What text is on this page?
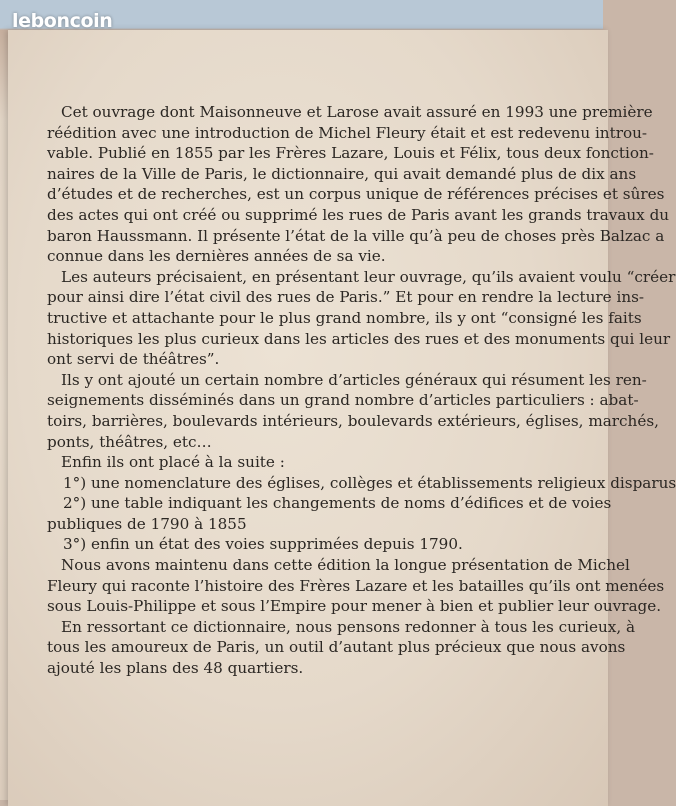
leboncoin
Cet ouvrage dont Maisonneuve et Larose avait assuré en 1993 une première
réédition avec une introduction de Michel Fleury était et est redevenu introu-
vable. Publié en 1855 par les Frères Lazare, Louis et Félix, tous deux fonction-
naires de la Ville de Paris, le dictionnaire, qui avait demandé plus de dix ans
d’études et de recherches, est un corpus unique de références précises et sûres
des actes qui ont créé ou supprimé les rues de Paris avant les grands travaux du
baron Haussmann. Il présente l’état de la ville qu’à peu de choses près Balzac a
connue dans les dernières années de sa vie.
Les auteurs précisaient, en présentant leur ouvrage, qu’ils avaient voulu “créer
pour ainsi dire l’état civil des rues de Paris.” Et pour en rendre la lecture ins-
tructive et attachante pour le plus grand nombre, ils y ont “consigné les faits
historiques les plus curieux dans les articles des rues et des monuments qui leur
ont servi de théâtres”.
Ils y ont ajouté un certain nombre d’articles généraux qui résument les ren-
seignements disséminés dans un grand nombre d’articles particuliers : abat-
toirs, barrières, boulevards intérieurs, boulevards extérieurs, églises, marchés,
ponts, théâtres, etc…
Enfin ils ont placé à la suite :
1°) une nomenclature des églises, collèges et établissements religieux disparus
2°) une table indiquant les changements de noms d’édifices et de voies
publiques de 1790 à 1855
3°) enfin un état des voies supprimées depuis 1790.
Nous avons maintenu dans cette édition la longue présentation de Michel
Fleury qui raconte l’histoire des Frères Lazare et les batailles qu’ils ont menées
sous Louis-Philippe et sous l’Empire pour mener à bien et publier leur ouvrage.
En ressortant ce dictionnaire, nous pensons redonner à tous les curieux, à
tous les amoureux de Paris, un outil d’autant plus précieux que nous avons
ajouté les plans des 48 quartiers.
